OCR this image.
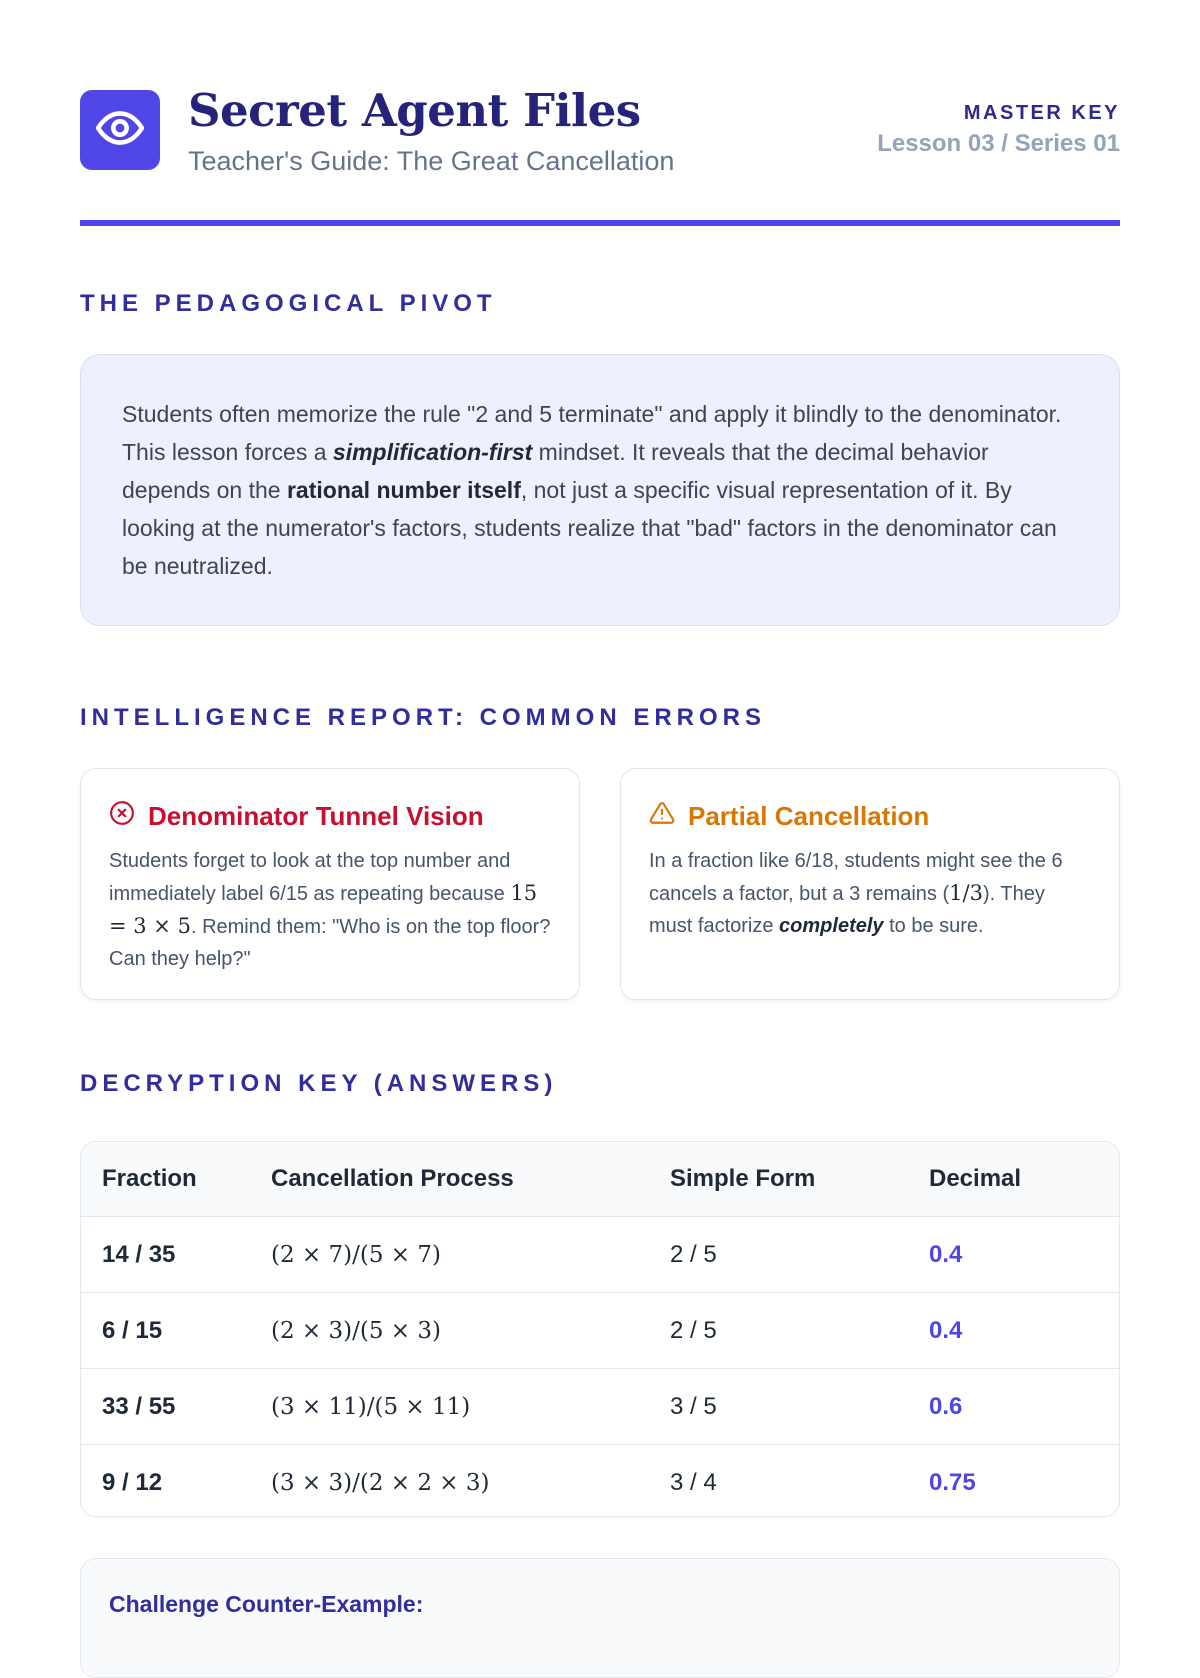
Secret Agent Files
Teacher's Guide: The Great Cancellation
MASTER KEY
Lesson 03 / Series 01
THE PEDAGOGICAL PIVOT
Students often memorize the rule "2 and 5 terminate" and apply it blindly to the denominator. This lesson forces a simplification-first mindset. It reveals that the decimal behavior depends on the rational number itself, not just a specific visual representation of it. By looking at the numerator's factors, students realize that "bad" factors in the denominator can be neutralized.
INTELLIGENCE REPORT: COMMON ERRORS
Denominator Tunnel Vision
Students forget to look at the top number and immediately label 6/15 as repeating because 15 = 3 × 5. Remind them: "Who is on the top floor? Can they help?"
Partial Cancellation
In a fraction like 6/18, students might see the 6 cancels a factor, but a 3 remains (1/3). They must factorize completely to be sure.
DECRYPTION KEY (ANSWERS)
Fraction	Cancellation Process	Simple Form	Decimal
14 / 35	(2 × 7)/(5 × 7)	2 / 5	0.4
6 / 15	(2 × 3)/(5 × 3)	2 / 5	0.4
33 / 55	(3 × 11)/(5 × 11)	3 / 5	0.6
9 / 12	(3 × 3)/(2 × 2 × 3)	3 / 4	0.75
Challenge Counter-Example:
